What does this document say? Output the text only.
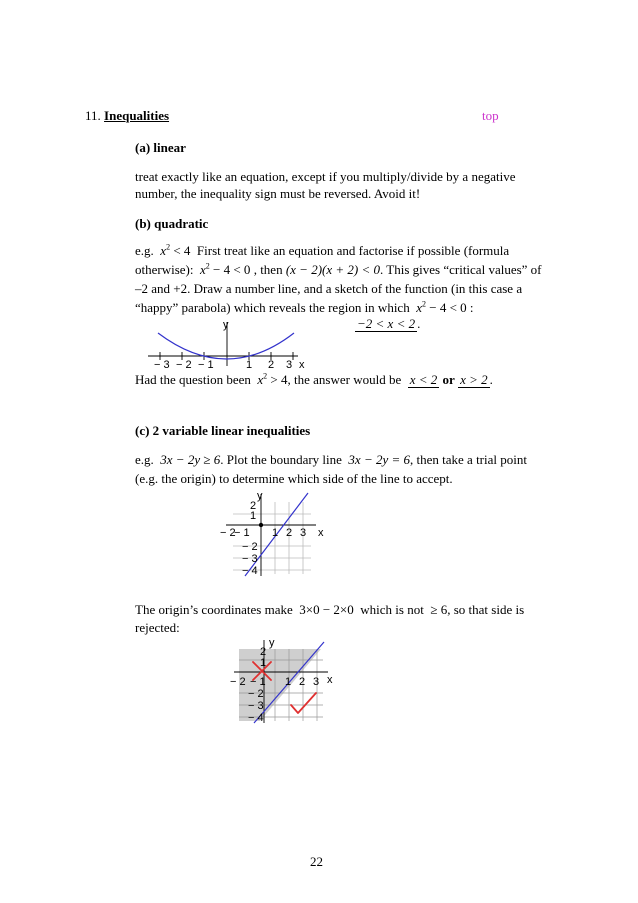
11. Inequalities	top
(a) linear
treat exactly like an equation, except if you multiply/divide by a negative
number, the inequality sign must be reversed. Avoid it!
(b) quadratic
e.g. $x^2 < 4$ First treat like an equation and factorise if possible (formula
otherwise): $x^2 - 4 < 0$ , then (x − 2)(x + 2) < 0. This gives “critical values” of
–2 and +2. Draw a number line, and a sketch of the function (in this case a
“happy” parabola) which reveals the region in which $x^2 - 4 < 0$ :
−2 < x < 2 .
y
x
− 3 − 2 − 1	1 2 3
Had the question been $x^2 > 4$, the answer would be x < 2 or x > 2 .
(c) 2 variable linear inequalities
e.g. 3x − 2y ≥ 6. Plot the boundary line 3x − 2y = 6, then take a trial point
(e.g. the origin) to determine which side of the line to accept.
y
x
− 2
− 1 1 2 3
2
1
− 2
− 3
− 4
The origin’s coordinates make 3×0 − 2×0 which is not ≥ 6, so that side is
rejected:
y
x
− 2 − 1 1 2 3
2
1
− 2
− 3
− 4
22
